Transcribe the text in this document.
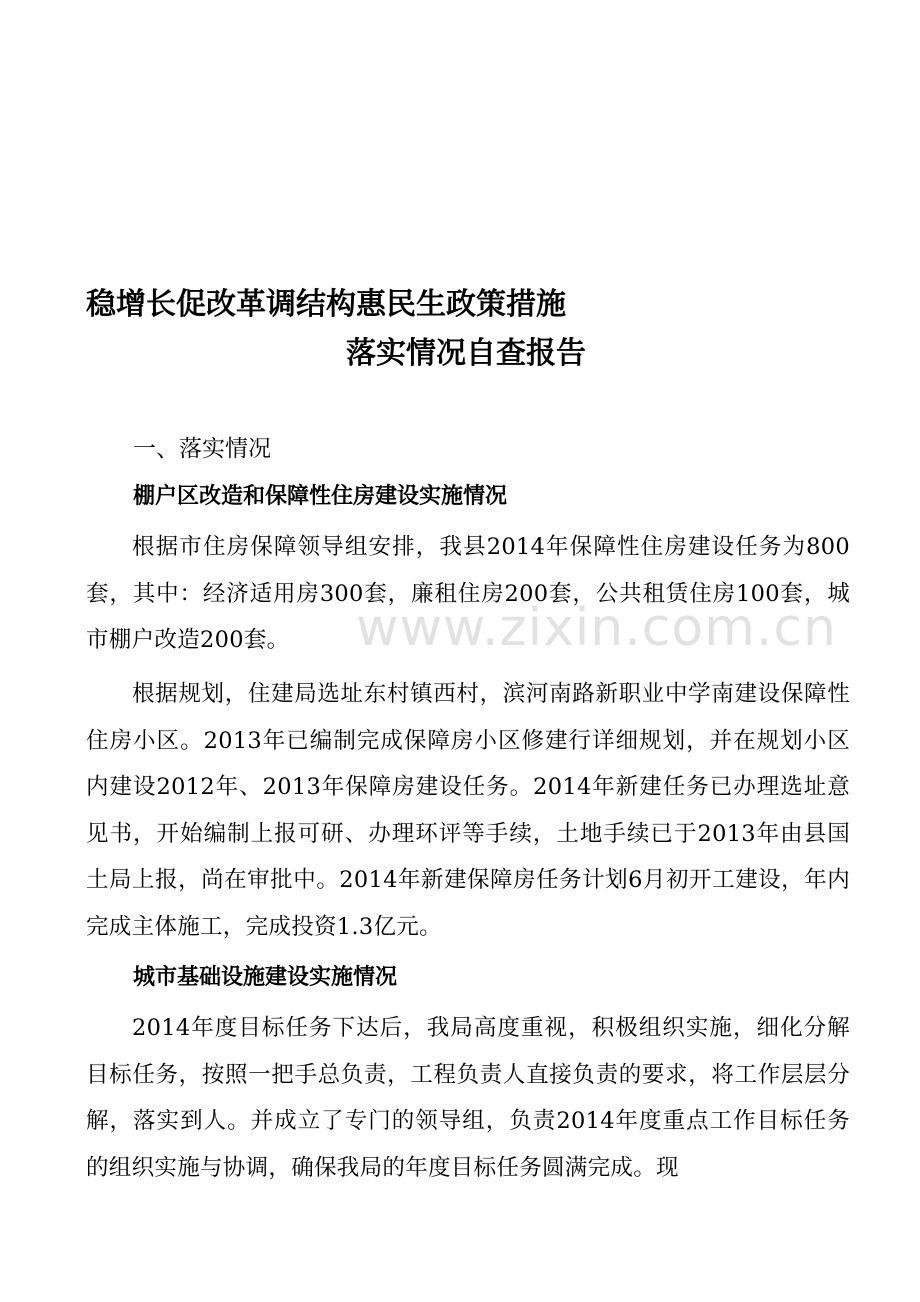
稳增长促改革调结构惠民生政策措施
落实情况自查报告

一、落实情况

棚户区改造和保障性住房建设实施情况

根据市住房保障领导组安排，我县2014年保障性住房建设任务为800套，其中：经济适用房300套，廉租住房200套，公共租赁住房100套，城市棚户改造200套。

根据规划，住建局选址东村镇西村，滨河南路新职业中学南建设保障性住房小区。2013年已编制完成保障房小区修建行详细规划，并在规划小区内建设2012年、2013年保障房建设任务。2014年新建任务已办理选址意见书，开始编制上报可研、办理环评等手续，土地手续已于2013年由县国土局上报，尚在审批中。2014年新建保障房任务计划6月初开工建设，年内完成主体施工，完成投资1.3亿元。

城市基础设施建设实施情况

2014年度目标任务下达后，我局高度重视，积极组织实施，细化分解目标任务，按照一把手总负责，工程负责人直接负责的要求，将工作层层分解，落实到人。并成立了专门的领导组，负责2014年度重点工作目标任务的组织实施与协调，确保我局的年度目标任务圆满完成。现

www.zixin.com.cn
